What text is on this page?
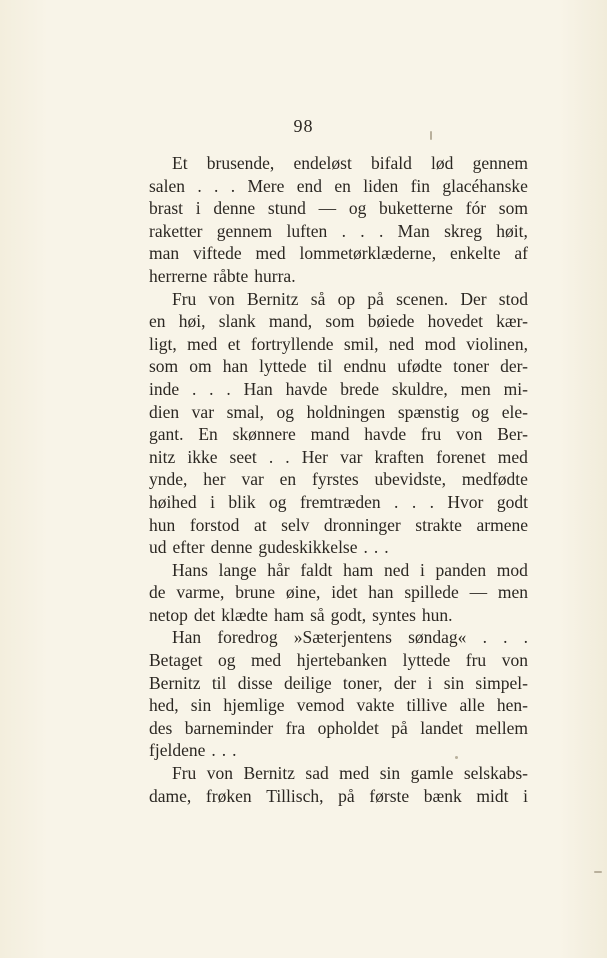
98
Et brusende, endeløst bifald lød gennem
salen . . . Mere end en liden fin glacéhanske
brast i denne stund — og buketterne fór som
raketter gennem luften . . . Man skreg høit,
man viftede med lommetørklæderne, enkelte af
herrerne råbte hurra.
Fru von Bernitz så op på scenen. Der stod
en høi, slank mand, som bøiede hovedet kær-
ligt, med et fortryllende smil, ned mod violinen,
som om han lyttede til endnu ufødte toner der-
inde . . . Han havde brede skuldre, men mi-
dien var smal, og holdningen spænstig og ele-
gant. En skønnere mand havde fru von Ber-
nitz ikke seet . . Her var kraften forenet med
ynde, her var en fyrstes ubevidste, medfødte
høihed i blik og fremtræden . . . Hvor godt
hun forstod at selv dronninger strakte armene
ud efter denne gudeskikkelse . . .
Hans lange hår faldt ham ned i panden mod
de varme, brune øine, idet han spillede — men
netop det klædte ham så godt, syntes hun.
Han foredrog »Sæterjentens søndag« . . .
Betaget og med hjertebanken lyttede fru von
Bernitz til disse deilige toner, der i sin simpel-
hed, sin hjemlige vemod vakte tillive alle hen-
des barneminder fra opholdet på landet mellem
fjeldene . . .
Fru von Bernitz sad med sin gamle selskabs-
dame, frøken Tillisch, på første bænk midt i
